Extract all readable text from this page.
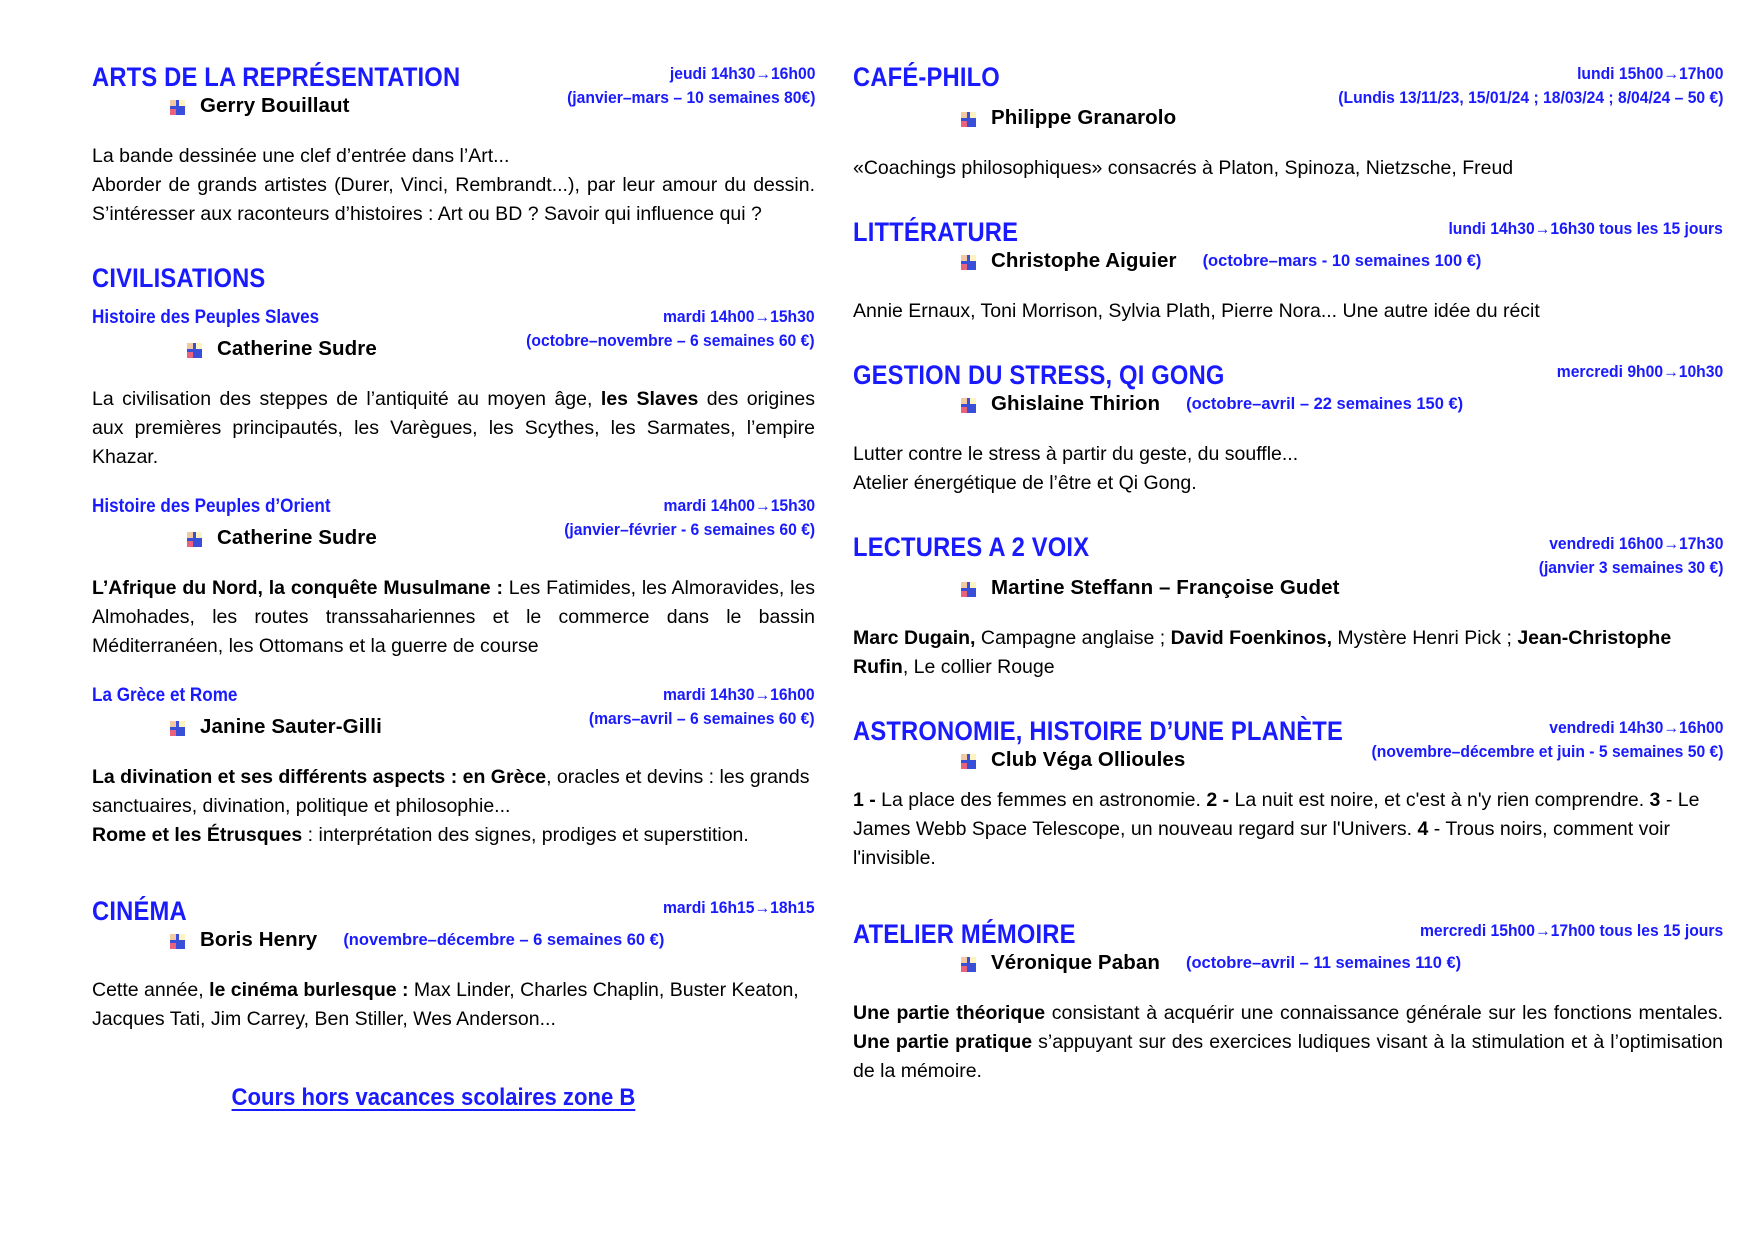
ARTS DE LA REPRÉSENTATION	jeudi 14h30→16h00
(janvier–mars – 10 semaines 80€)
Gerry Bouillaut

La bande dessinée une clef d’entrée dans l’Art...

Aborder de grands artistes (Durer, Vinci, Rembrandt...), par leur amour du dessin. S’intéresser aux raconteurs d’histoires : Art ou BD ? Savoir qui influence qui ?

CIVILISATIONS
Histoire des Peuples Slaves	mardi 14h00→15h30
(octobre–novembre – 6 semaines 60 €)
Catherine Sudre

La civilisation des steppes de l’antiquité au moyen âge, les Slaves des origines aux premières principautés, les Varègues, les Scythes, les Sarmates, l’empire Khazar.

Histoire des Peuples d’Orient	mardi 14h00→15h30
(janvier–février - 6 semaines 60 €)
Catherine Sudre

L’Afrique du Nord, la conquête Musulmane : Les Fatimides, les Almoravides, les Almohades, les routes transsahariennes et le commerce dans le bassin Méditerranéen, les Ottomans et la guerre de course

La Grèce et Rome	mardi 14h30→16h00
(mars–avril – 6 semaines 60 €)
Janine Sauter-Gilli

La divination et ses différents aspects : en Grèce, oracles et devins : les grands sanctuaires, divination, politique et philosophie...
Rome et les Étrusques : interprétation des signes, prodiges et superstition.

CINÉMA	mardi 16h15→18h15
Boris Henry (novembre–décembre – 6 semaines 60 €)

Cette année, le cinéma burlesque : Max Linder, Charles Chaplin, Buster Keaton, Jacques Tati, Jim Carrey, Ben Stiller, Wes Anderson...

Cours hors vacances scolaires zone B
CAFÉ-PHILO	lundi 15h00→17h00
(Lundis 13/11/23, 15/01/24 ; 18/03/24 ; 8/04/24 – 50 €)
Philippe Granarolo

«Coachings philosophiques» consacrés à Platon, Spinoza, Nietzsche, Freud

LITTÉRATURE	lundi 14h30→16h30 tous les 15 jours
Christophe Aiguier (octobre–mars - 10 semaines 100 €)

Annie Ernaux, Toni Morrison, Sylvia Plath, Pierre Nora... Une autre idée du récit

GESTION DU STRESS, QI GONG	mercredi 9h00→10h30
Ghislaine Thirion (octobre–avril – 22 semaines 150 €)

Lutter contre le stress à partir du geste, du souffle...
Atelier énergétique de l’être et Qi Gong.

LECTURES A 2 VOIX	vendredi 16h00→17h30
(janvier 3 semaines 30 €)
Martine Steffann – Françoise Gudet

Marc Dugain, Campagne anglaise ; David Foenkinos, Mystère Henri Pick ; Jean-Christophe Rufin, Le collier Rouge

ASTRONOMIE, HISTOIRE D’UNE PLANÈTE	vendredi 14h30→16h00
(novembre–décembre et juin - 5 semaines 50 €)
Club Véga Ollioules

1 - La place des femmes en astronomie. 2 - La nuit est noire, et c'est à n'y rien comprendre. 3 - Le James Webb Space Telescope, un nouveau regard sur l'Univers. 4 - Trous noirs, comment voir l'invisible.

ATELIER MÉMOIRE	mercredi 15h00→17h00 tous les 15 jours
Véronique Paban (octobre–avril – 11 semaines 110 €)

Une partie théorique consistant à acquérir une connaissance générale sur les fonctions mentales. Une partie pratique s’appuyant sur des exercices ludiques visant à la stimulation et à l’optimisation de la mémoire.
